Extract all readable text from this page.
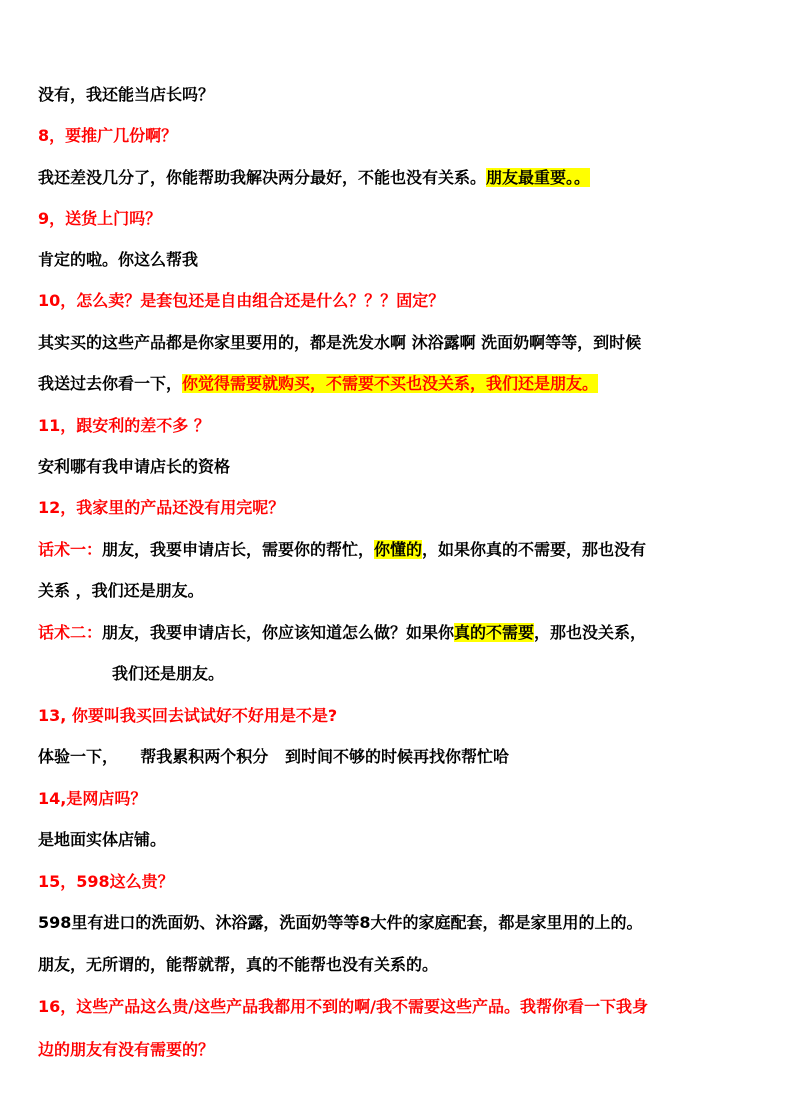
没有，我还能当店长吗？
8，要推广几份啊？
我还差没几分了，你能帮助我解决两分最好，不能也没有关系。朋友最重要。。
9，送货上门吗？
肯定的啦。你这么帮我
10，怎么卖？是套包还是自由组合还是什么？？？固定？
其实买的这些产品都是你家里要用的，都是洗发水啊 沐浴露啊 洗面奶啊等等，到时候
我送过去你看一下，你觉得需要就购买，不需要不买也没关系，我们还是朋友。
11，跟安利的差不多 ？
安利哪有我申请店长的资格
12，我家里的产品还没有用完呢？
话术一：朋友，我要申请店长，需要你的帮忙，你懂的，如果你真的不需要，那也没有
关系 ，我们还是朋友。
话术二：朋友，我要申请店长，你应该知道怎么做？如果你真的不需要，那也没关系，
我们还是朋友。
13, 你要叫我买回去试试好不好用是不是?
体验一下，    帮我累积两个积分   到时间不够的时候再找你帮忙哈
14,是网店吗？
是地面实体店铺。
15，598这么贵？
598里有进口的洗面奶、沐浴露，洗面奶等等8大件的家庭配套，都是家里用的上的。
朋友，无所谓的，能帮就帮，真的不能帮也没有关系的。
16，这些产品这么贵/这些产品我都用不到的啊/我不需要这些产品。我帮你看一下我身
边的朋友有没有需要的？
